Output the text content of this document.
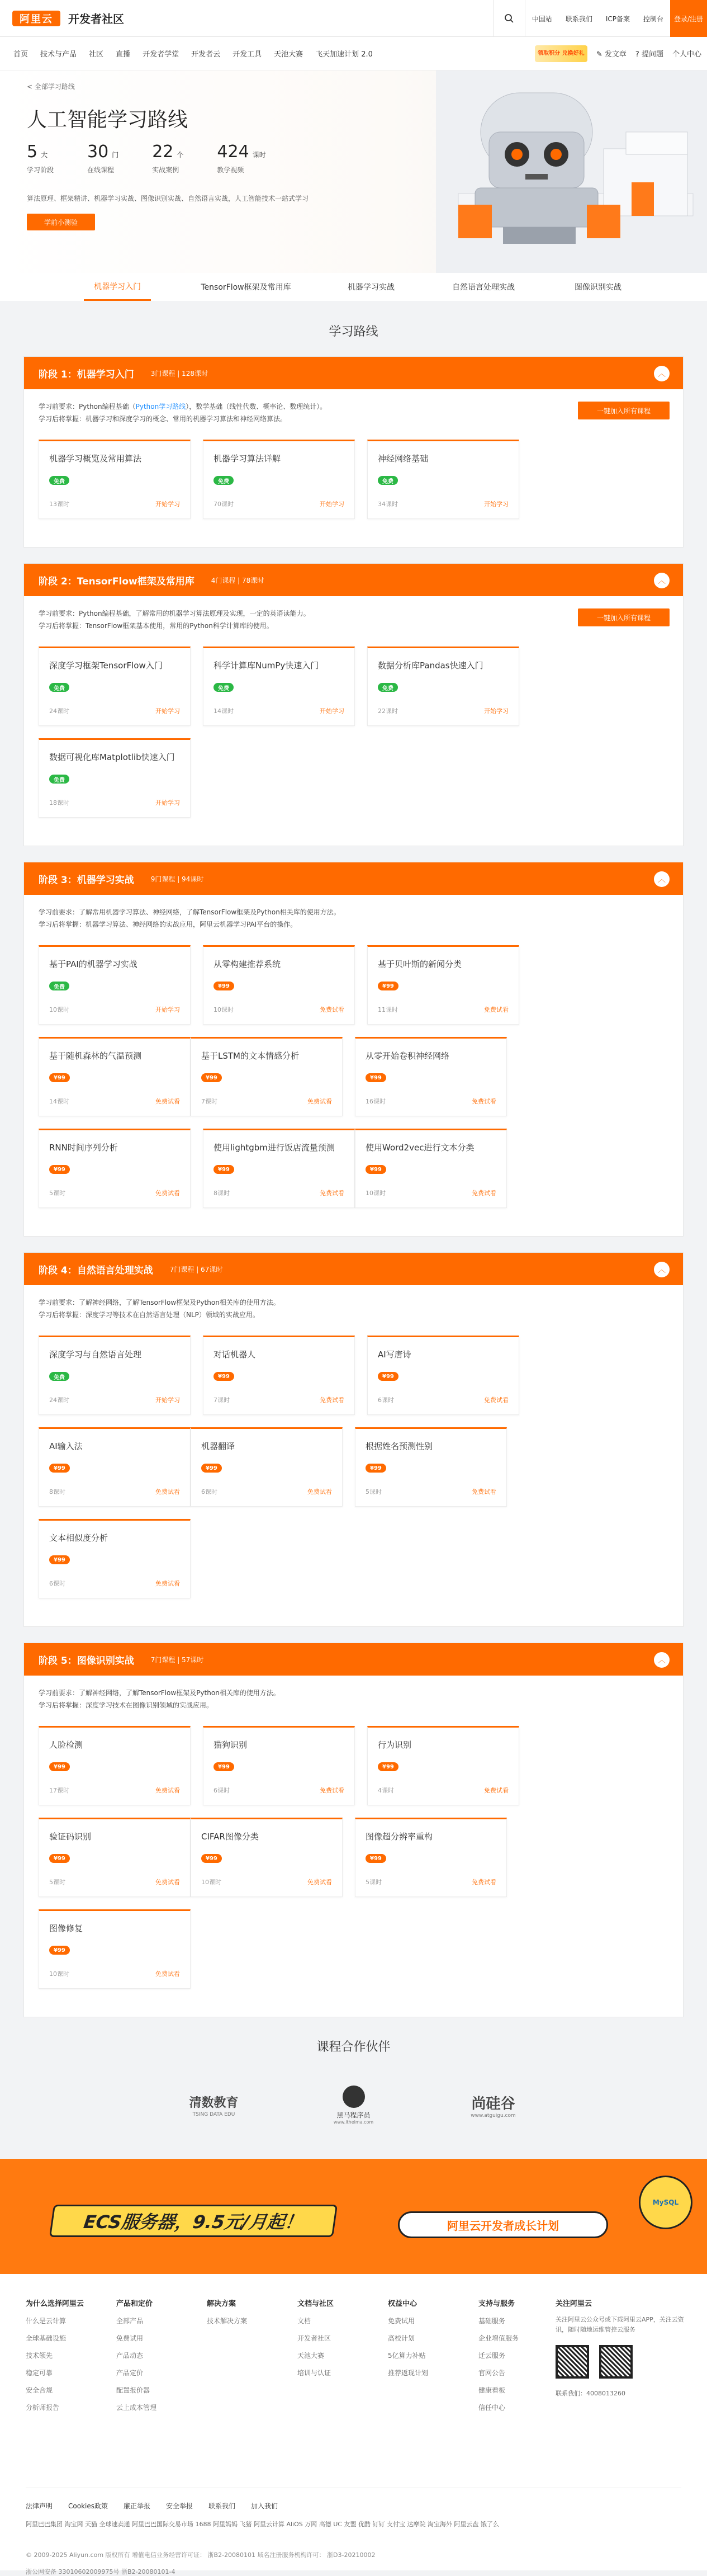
阿里云	开发者社区	中国站	联系我们	ICP备案	控制台	登录/注册
首页 技术与产品 社区 直播 开发者学堂 开发者云 开发工具 天池大赛 飞天加速计划 2.0	领取积分 兑换好礼	✎ 发文章 ? 提问题 个人中心
< 全部学习路线
人工智能学习路线
5 大
学习阶段
30 门
在线课程
22 个
实战案例
424 课时
教学视频
算法原理、框架精讲、机器学习实战、图像识别实战、自然语言实战，人工智能技术一站式学习
学前小测验
机器学习入门	TensorFlow框架及常用库	机器学习实战	自然语言处理实战	图像识别实战
学习路线
阶段 1：机器学习入门	3门课程 | 128课时	︿
学习前要求：Python编程基础（Python学习路线），数学基础（线性代数、概率论、数理统计）。
学习后将掌握：机器学习和深度学习的概念、常用的机器学习算法和神经网络算法。
一键加入所有课程
机器学习概览及常用算法
免费
13课时	开始学习
机器学习算法详解
免费
70课时	开始学习
神经网络基础
免费
34课时	开始学习
阶段 2：TensorFlow框架及常用库	4门课程 | 78课时	︿
学习前要求：Python编程基础，了解常用的机器学习算法原理及实现，一定的英语读能力。
学习后将掌握：TensorFlow框架基本使用，常用的Python科学计算库的使用。
一键加入所有课程
深度学习框架TensorFlow入门
免费
24课时	开始学习
科学计算库NumPy快速入门
免费
14课时	开始学习
数据分析库Pandas快速入门
免费
22课时	开始学习
数据可视化库Matplotlib快速入门
免费
18课时	开始学习
阶段 3：机器学习实战	9门课程 | 94课时	︿
学习前要求：了解常用机器学习算法、神经网络，了解TensorFlow框架及Python相关库的使用方法。
学习后将掌握：机器学习算法、神经网络的实战应用，阿里云机器学习PAI平台的操作。
基于PAI的机器学习实战
免费
10课时	开始学习
从零构建推荐系统
¥99
10课时	免费试看
基于贝叶斯的新闻分类
¥99
11课时	免费试看
基于随机森林的气温预测
¥99
14课时	免费试看
基于LSTM的文本情感分析
¥99
7课时	免费试看
从零开始卷积神经网络
¥99
16课时	免费试看
RNN时间序列分析
¥99
5课时	免费试看
使用lightgbm进行饭店流量预测
¥99
8课时	免费试看
使用Word2vec进行文本分类
¥99
10课时	免费试看
阶段 4：自然语言处理实战	7门课程 | 67课时	︿
学习前要求：了解神经网络，了解TensorFlow框架及Python相关库的使用方法。
学习后将掌握：深度学习等技术在自然语言处理（NLP）领域的实战应用。
深度学习与自然语言处理
免费
24课时	开始学习
对话机器人
¥99
7课时	免费试看
AI写唐诗
¥99
6课时	免费试看
AI输入法
¥99
8课时	免费试看
机器翻译
¥99
6课时	免费试看
根据姓名预测性别
¥99
5课时	免费试看
文本相似度分析
¥99
6课时	免费试看
阶段 5：图像识别实战	7门课程 | 57课时	︿
学习前要求：了解神经网络，了解TensorFlow框架及Python相关库的使用方法。
学习后将掌握：深度学习技术在图像识别领域的实战应用。
人脸检测
¥99
17课时	免费试看
猫狗识别
¥99
6课时	免费试看
行为识别
¥99
4课时	免费试看
验证码识别
¥99
5课时	免费试看
CIFAR图像分类
¥99
10课时	免费试看
图像超分辨率重构
¥99
5课时	免费试看
图像修复
¥99
10课时	免费试看
课程合作伙伴
清数教育
TSING DATA EDU	黑马程序员
www.itheima.com
尚硅谷
www.atguigu.com
ECS服务器，9.5元/月起！	阿里云开发者成长计划
MySQL
为什么选择阿里云
什么是云计算
全球基础设施
技术领先
稳定可靠
安全合规
分析师报告
产品和定价
全部产品
免费试用
产品动态
产品定价
配置报价器
云上成本管理
解决方案
技术解决方案
文档与社区
文档
开发者社区
天池大赛
培训与认证
权益中心
免费试用
高校计划
5亿算力补贴
推荐返现计划
支持与服务
基础服务
企业增值服务
迁云服务
官网公告
健康看板
信任中心
关注阿里云
关注阿里云公众号或下载阿里云APP，关注云资讯，随时随地运维管控云服务
联系我们：4008013260
法律声明 Cookies政策 廉正举报 安全举报 联系我们 加入我们
阿里巴巴集团 淘宝网 天猫 全球速卖通 阿里巴巴国际交易市场 1688 阿里妈妈 飞猪 阿里云计算 AliOS 万网 高德 UC 友盟 优酷 钉钉 支付宝 达摩院 淘宝海外 阿里云盘 饿了么
© 2009-2025 Aliyun.com 版权所有 增值电信业务经营许可证： 浙B2-20080101 域名注册服务机构许可： 浙D3-20210002
浙公网安备 33010602009975号 浙B2-20080101-4
